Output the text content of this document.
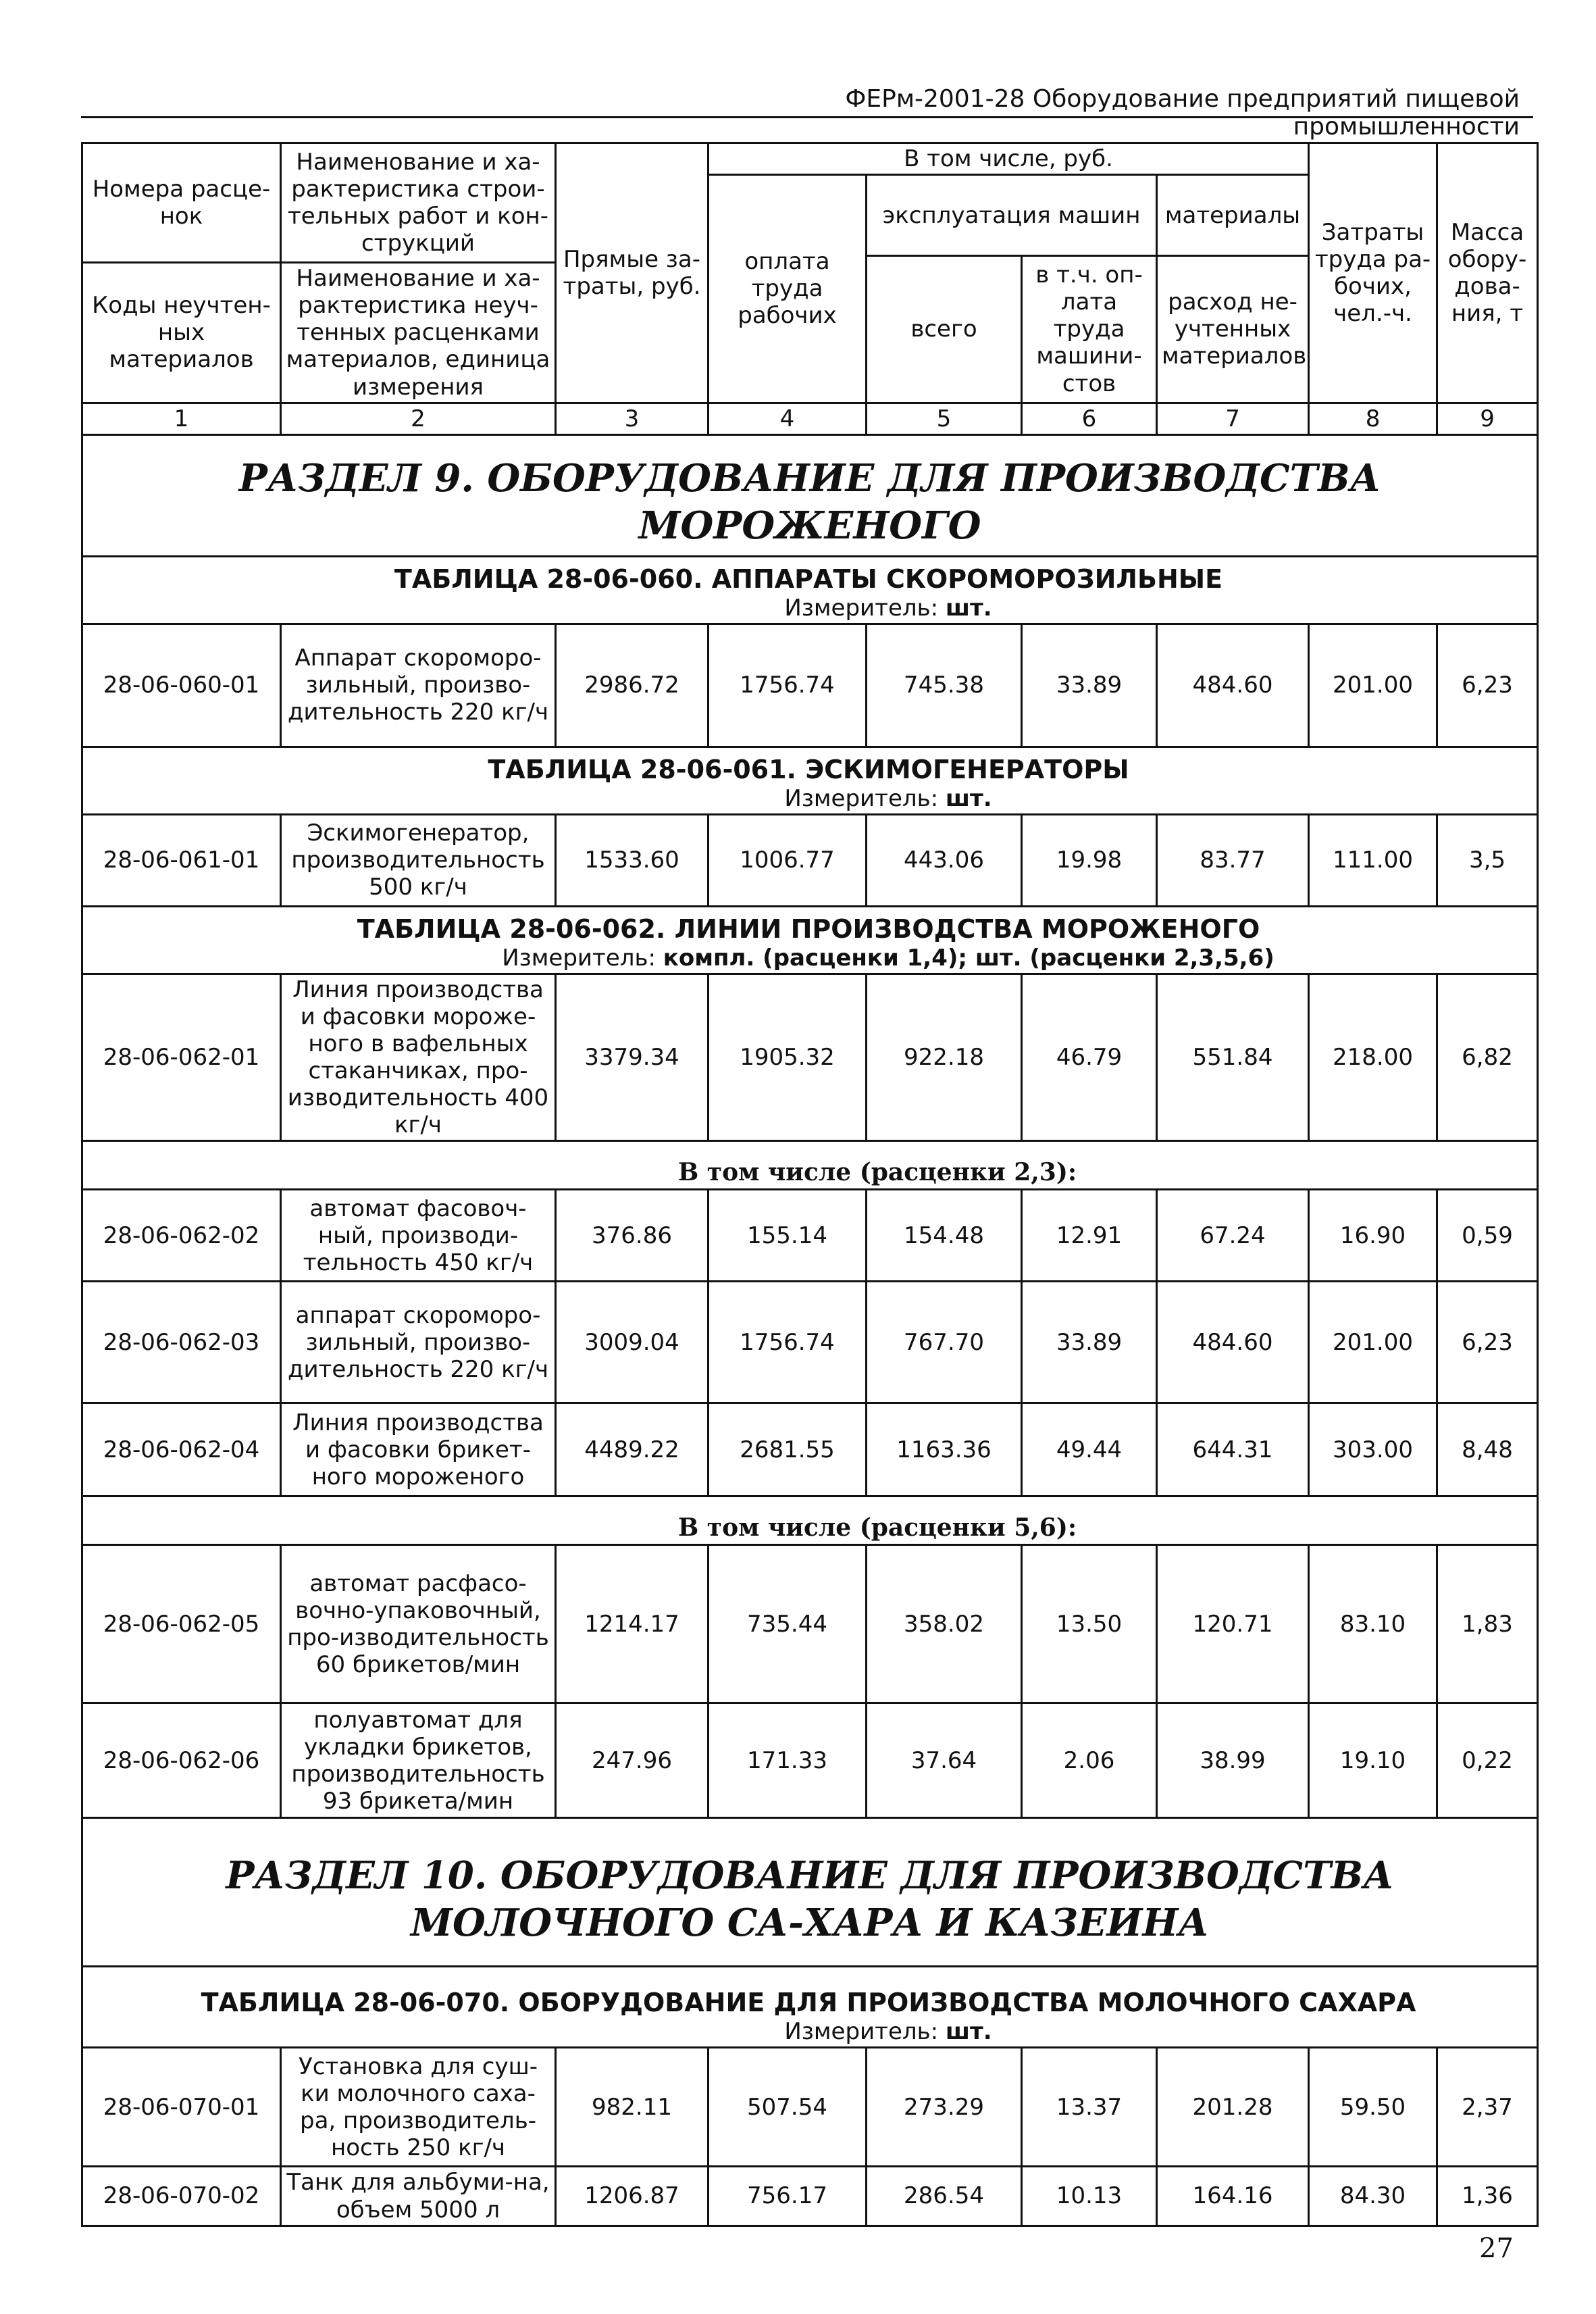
ФЕРм-2001-28 Оборудование предприятий пищевой промышленности
Номера расце-нок	Наименование и ха-рактеристика строи-тельных работ и кон-струкций	Прямые за-траты, руб.	В том числе, руб.				Затраты труда ра-бочих, чел.-ч.	Масса обору-дова-ния, т
			оплата труда рабочих	эксплуатация машин		материалы		
				всего	в т.ч. оп-лата труда машини-стов	расход не-учтенных материалов		
Коды неучтен-ных материалов	Наименование и ха-рактеристика неуч-тенных расценками материалов, единица измерения							

1	2	3	4	5	6	7	8	9

РАЗДЕЛ 9. ОБОРУДОВАНИЕ ДЛЯ ПРОИЗВОДСТВА МОРОЖЕНОГО								

ТАБЛИЦА 28-06-060. АППАРАТЫ СКОРОМОРОЗИЛЬНЫЕ
Измеритель: шт.								

28-06-060-01	Аппарат скороморо-зильный, произво-дительность 220 кг/ч	2986.72	1756.74	745.38	33.89	484.60	201.00	6,23

ТАБЛИЦА 28-06-061. ЭСКИМОГЕНЕРАТОРЫ
Измеритель: шт.								

28-06-061-01	Эскимогенератор, производительность 500 кг/ч	1533.60	1006.77	443.06	19.98	83.77	111.00	3,5

ТАБЛИЦА 28-06-062. ЛИНИИ ПРОИЗВОДСТВА МОРОЖЕНОГО
Измеритель: компл. (расценки 1,4); шт. (расценки 2,3,5,6)								

28-06-062-01	Линия производства и фасовки мороже-ного в вафельных стаканчиках, про-изводительность 400 кг/ч	3379.34	1905.32	922.18	46.79	551.84	218.00	6,82

В том числе (расценки 2,3):								

28-06-062-02	автомат фасовоч-ный, производи-тельность 450 кг/ч	376.86	155.14	154.48	12.91	67.24	16.90	0,59
28-06-062-03	аппарат скороморо-зильный, произво-дительность 220 кг/ч	3009.04	1756.74	767.70	33.89	484.60	201.00	6,23
28-06-062-04	Линия производства и фасовки брикет-ного мороженого	4489.22	2681.55	1163.36	49.44	644.31	303.00	8,48

В том числе (расценки 5,6):								

28-06-062-05	автомат расфасо-вочно-упаковочный, про-изводительность 60 брикетов/мин	1214.17	735.44	358.02	13.50	120.71	83.10	1,83
28-06-062-06	полуавтомат для укладки брикетов, производительность 93 брикета/мин	247.96	171.33	37.64	2.06	38.99	19.10	0,22

РАЗДЕЛ 10. ОБОРУДОВАНИЕ ДЛЯ ПРОИЗВОДСТВА МОЛОЧНОГО СА-ХАРА И КАЗЕИНА								

ТАБЛИЦА 28-06-070. ОБОРУДОВАНИЕ ДЛЯ ПРОИЗВОДСТВА МОЛОЧНОГО САХАРА
Измеритель: шт.								

28-06-070-01	Установка для суш-ки молочного саха-ра, производитель-ность 250 кг/ч	982.11	507.54	273.29	13.37	201.28	59.50	2,37
28-06-070-02	Танк для альбуми-на, объем 5000 л	1206.87	756.17	286.54	10.13	164.16	84.30	1,36
27
